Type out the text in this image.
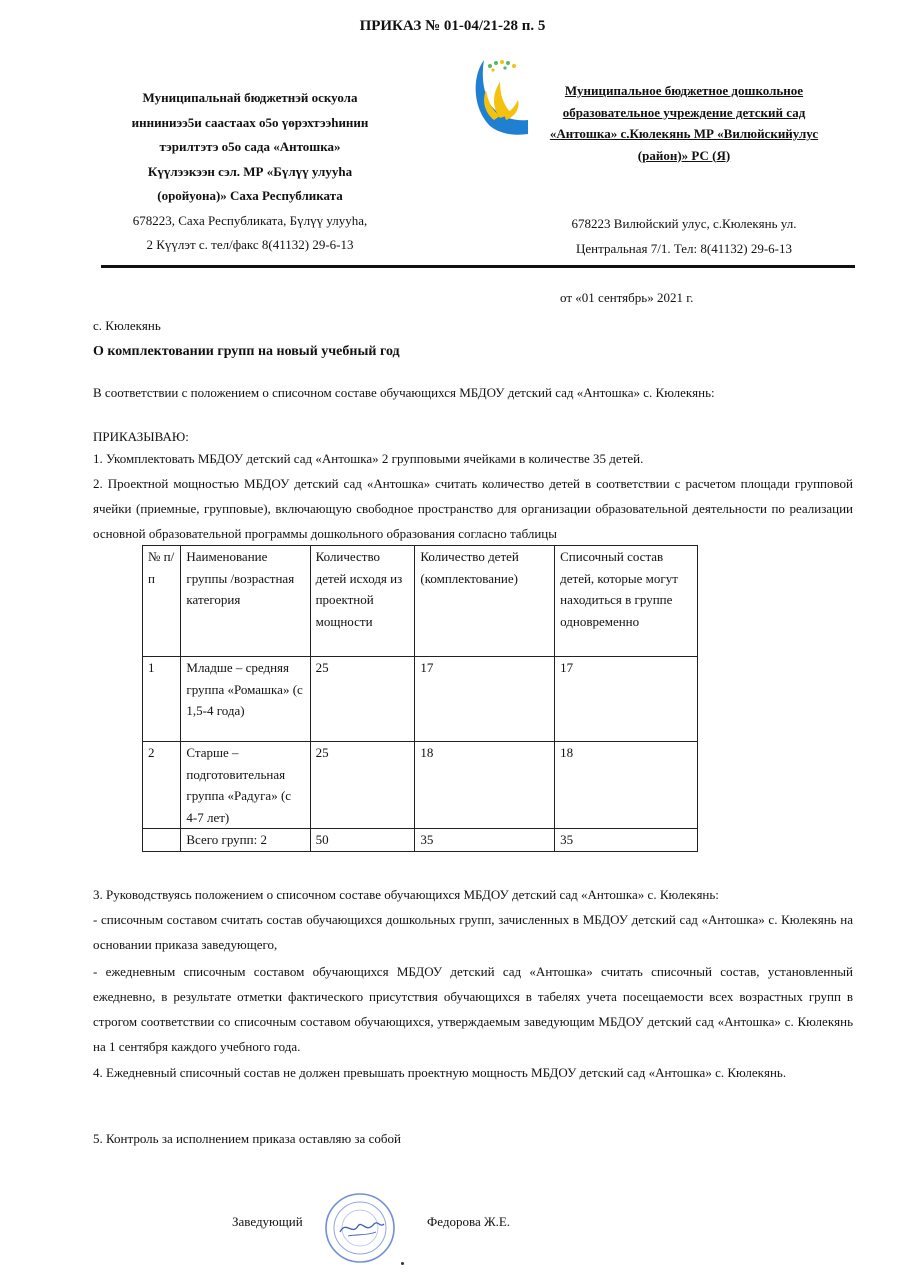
ПРИКАЗ № 01-04/21-28 п. 5
Муниципальнай бюджетнэй оскуола
инниниээ5и саастаах о5о үөрэхтээhинин
тэрилтэтэ о5о сада «Антошка»
Күүлээкээн сэл. МР «Бүлүү улууhа
(оройуона)» Саха Республиката
678223, Саха Республиката, Бүлүү улууhа,
2 Күүлэт с. тел/факс 8(41132) 29-6-13
Муниципальное бюджетное дошкольное
образовательное учреждение детский сад
«Антошка» с.Кюлекянь МР «Вилюйскийулус
(район)» РС (Я)
678223 Вилюйский улус, с.Кюлекянь ул.
Центральная 7/1. Тел: 8(41132) 29-6-13
от «01 сентябрь» 2021 г.
с. Кюлекянь
О комплектовании групп на новый учебный год
В соответствии с положением о списочном составе обучающихся МБДОУ детский сад «Антошка» с. Кюлекянь:
ПРИКАЗЫВАЮ:
1. Укомплектовать МБДОУ детский сад «Антошка» 2 групповыми ячейками в количестве 35 детей.
2. Проектной мощностью МБДОУ детский сад «Антошка» считать количество детей в соответствии с расчетом площади групповой ячейки (приемные, групповые), включающую свободное пространство для организации образовательной деятельности по реализации основной образовательной программы дошкольного образования согласно таблицы
№ п/п	Наименование группы /возрастная категория	Количество детей исходя из проектной мощности	Количество детей (комплектование)	Списочный состав детей, которые могут находиться в группе одновременно
1	Младше – средняя группа «Ромашка» (с 1,5-4 года)	25	17	17
2	Старше – подготовительная группа «Радуга» (с 4-7 лет)	25	18	18
	Всего групп: 2	50	35	35
3. Руководствуясь положением о списочном составе обучающихся МБДОУ детский сад «Антошка» с. Кюлекянь:
- списочным составом считать состав обучающихся дошкольных групп, зачисленных в МБДОУ детский сад «Антошка» с. Кюлекянь на основании приказа заведующего,
- ежедневным списочным составом обучающихся МБДОУ детский сад «Антошка» считать списочный состав, установленный ежедневно, в результате отметки фактического присутствия обучающихся в табелях учета посещаемости всех возрастных групп в строгом соответствии со списочным составом обучающихся, утверждаемым заведующим МБДОУ детский сад «Антошка» с. Кюлекянь на 1 сентября каждого учебного года.
4. Ежедневный списочный состав не должен превышать проектную мощность МБДОУ детский сад «Антошка» с. Кюлекянь.
5. Контроль за исполнением приказа оставляю за собой
Заведующий	Федорова Ж.Е.
